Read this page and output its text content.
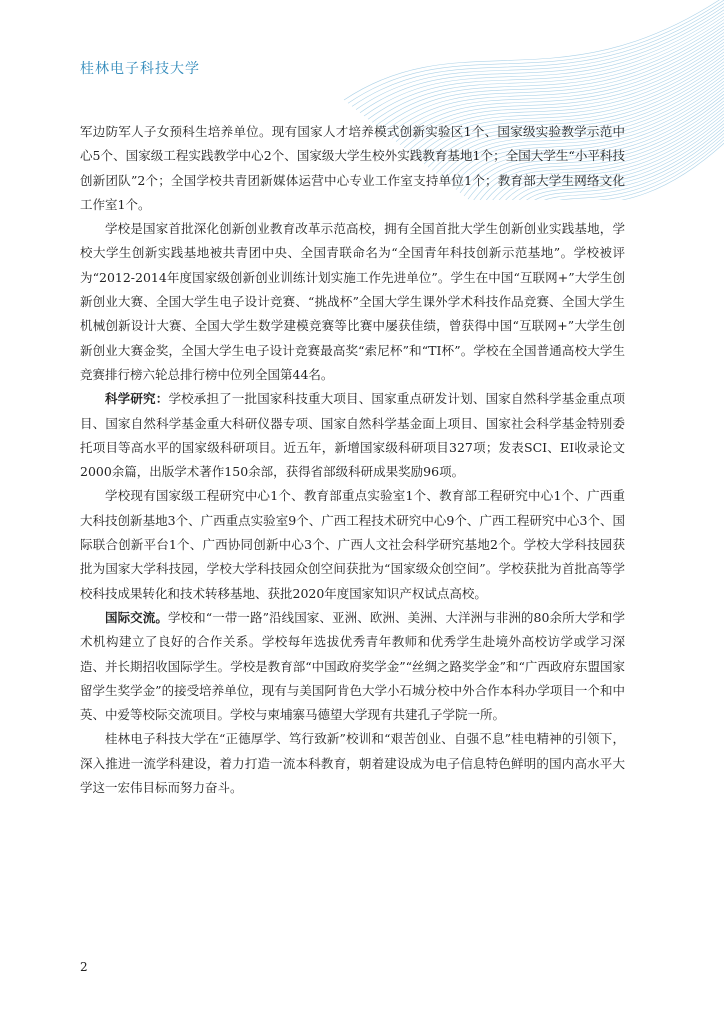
桂林电子科技大学

军边防军人子女预科生培养单位。现有国家人才培养模式创新实验区1个、国家级实验教学示范中心5个、国家级工程实践教学中心2个、国家级大学生校外实践教育基地1个；全国大学生“小平科技创新团队”2个；全国学校共青团新媒体运营中心专业工作室支持单位1个；教育部大学生网络文化工作室1个。

学校是国家首批深化创新创业教育改革示范高校，拥有全国首批大学生创新创业实践基地，学校大学生创新实践基地被共青团中央、全国青联命名为“全国青年科技创新示范基地”。学校被评为“2012-2014年度国家级创新创业训练计划实施工作先进单位”。学生在中国“互联网+”大学生创新创业大赛、全国大学生电子设计竞赛、“挑战杯”全国大学生课外学术科技作品竞赛、全国大学生机械创新设计大赛、全国大学生数学建模竞赛等比赛中屡获佳绩，曾获得中国“互联网+”大学生创新创业大赛金奖，全国大学生电子设计竞赛最高奖“索尼杯”和“TI杯”。学校在全国普通高校大学生竞赛排行榜六轮总排行榜中位列全国第44名。

科学研究：学校承担了一批国家科技重大项目、国家重点研发计划、国家自然科学基金重点项目、国家自然科学基金重大科研仪器专项、国家自然科学基金面上项目、国家社会科学基金特别委托项目等高水平的国家级科研项目。近五年，新增国家级科研项目327项；发表SCI、EI收录论文2000余篇，出版学术著作150余部，获得省部级科研成果奖励96项。

学校现有国家级工程研究中心1个、教育部重点实验室1个、教育部工程研究中心1个、广西重大科技创新基地3个、广西重点实验室9个、广西工程技术研究中心9个、广西工程研究中心3个、国际联合创新平台1个、广西协同创新中心3个、广西人文社会科学研究基地2个。学校大学科技园获批为国家大学科技园，学校大学科技园众创空间获批为“国家级众创空间”。学校获批为首批高等学校科技成果转化和技术转移基地、获批2020年度国家知识产权试点高校。

国际交流。学校和“一带一路”沿线国家、亚洲、欧洲、美洲、大洋洲与非洲的80余所大学和学术机构建立了良好的合作关系。学校每年选拔优秀青年教师和优秀学生赴境外高校访学或学习深造、并长期招收国际学生。学校是教育部“中国政府奖学金”“丝绸之路奖学金”和“广西政府东盟国家留学生奖学金”的接受培养单位，现有与美国阿肯色大学小石城分校中外合作本科办学项目一个和中英、中爱等校际交流项目。学校与柬埔寨马德望大学现有共建孔子学院一所。

桂林电子科技大学在“正德厚学、笃行致新”校训和“艰苦创业、自强不息”桂电精神的引领下，深入推进一流学科建设，着力打造一流本科教育，朝着建设成为电子信息特色鲜明的国内高水平大学这一宏伟目标而努力奋斗。

2
